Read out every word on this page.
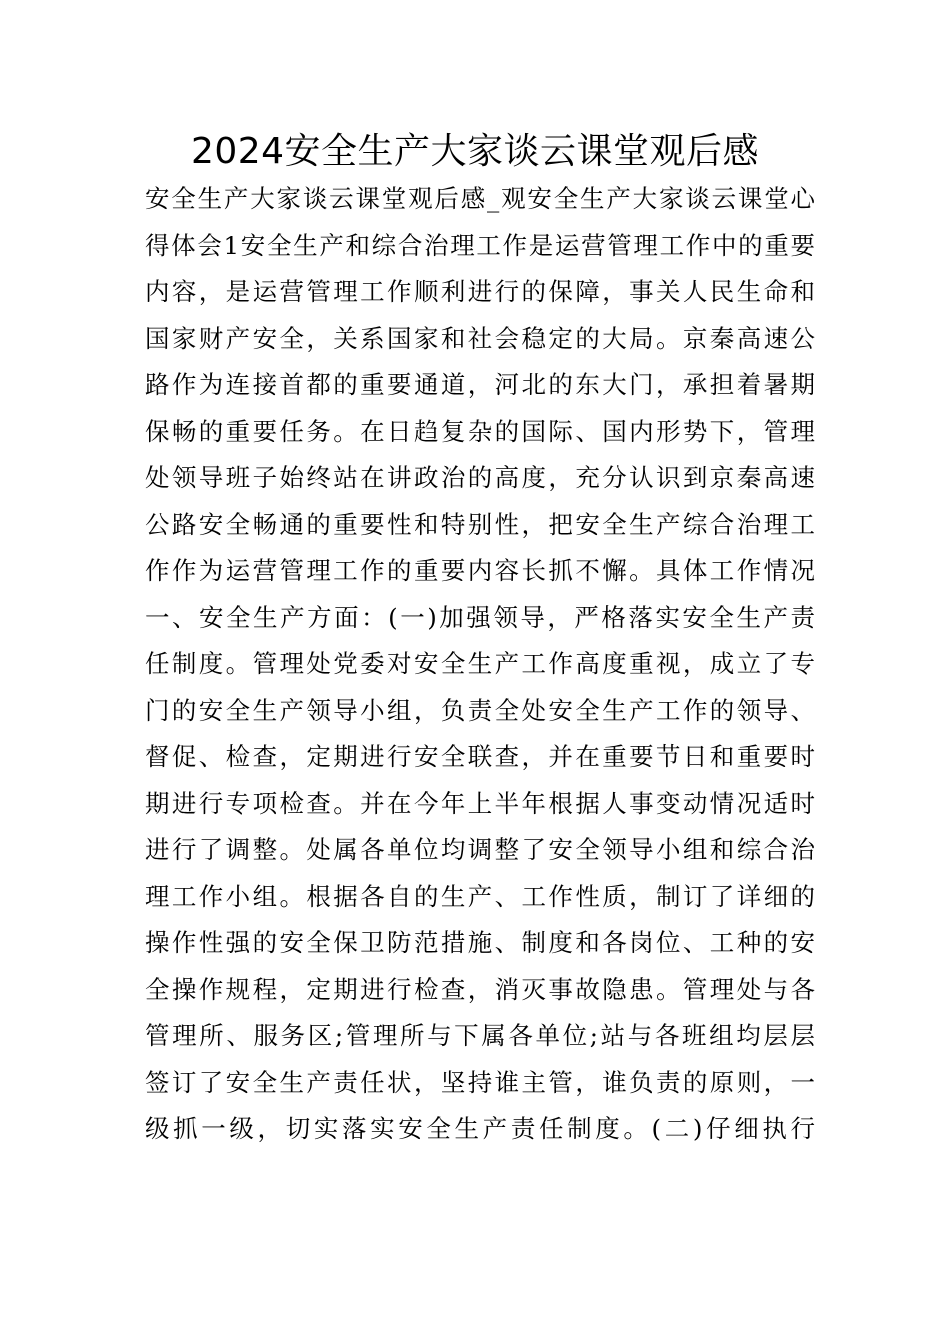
2024安全生产大家谈云课堂观后感
安全生产大家谈云课堂观后感_观安全生产大家谈云课堂心
得体会1安全生产和综合治理工作是运营管理工作中的重要
内容，是运营管理工作顺利进行的保障，事关人民生命和
国家财产安全，关系国家和社会稳定的大局。京秦高速公
路作为连接首都的重要通道，河北的东大门，承担着暑期
保畅的重要任务。在日趋复杂的国际、国内形势下，管理
处领导班子始终站在讲政治的高度，充分认识到京秦高速
公路安全畅通的重要性和特别性，把安全生产综合治理工
作作为运营管理工作的重要内容长抓不懈。具体工作情况
一、安全生产方面：(一)加强领导，严格落实安全生产责
任制度。管理处党委对安全生产工作高度重视，成立了专
门的安全生产领导小组，负责全处安全生产工作的领导、
督促、检查，定期进行安全联查，并在重要节日和重要时
期进行专项检查。并在今年上半年根据人事变动情况适时
进行了调整。处属各单位均调整了安全领导小组和综合治
理工作小组。根据各自的生产、工作性质，制订了详细的
操作性强的安全保卫防范措施、制度和各岗位、工种的安
全操作规程，定期进行检查，消灭事故隐患。管理处与各
管理所、服务区;管理所与下属各单位;站与各班组均层层
签订了安全生产责任状，坚持谁主管，谁负责的原则，一
级抓一级，切实落实安全生产责任制度。(二)仔细执行
